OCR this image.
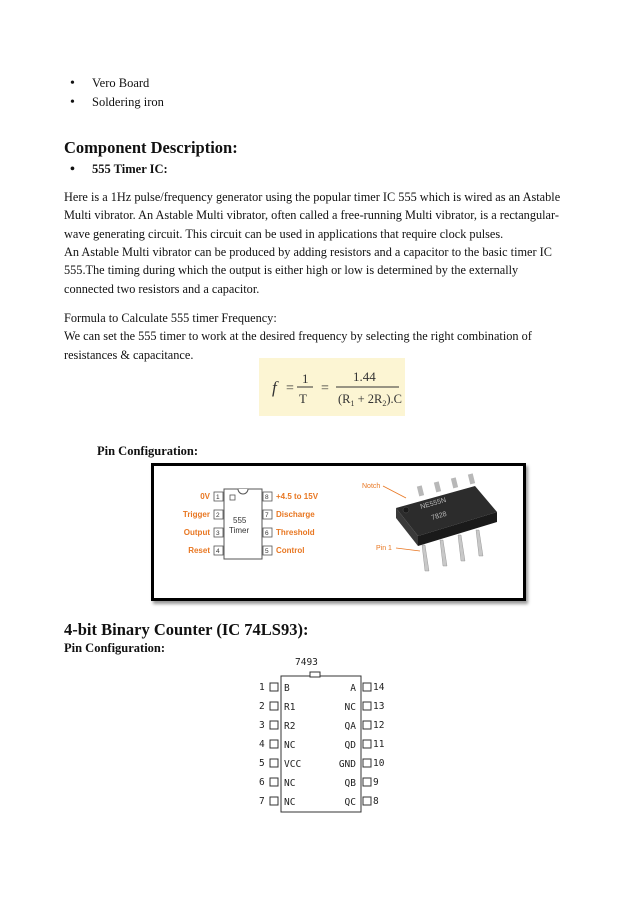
• Vero Board
• Soldering iron
Component Description:
• 555 Timer IC:

Here is a 1Hz pulse/frequency generator using the popular timer IC 555 which is wired as an Astable
Multi vibrator. An Astable Multi vibrator, often called a free-running Multi vibrator, is a rectangular-
wave generating circuit. This circuit can be used in applications that require clock pulses.

An Astable Multi vibrator can be produced by adding resistors and a capacitor to the basic timer IC
555.The timing during which the output is either high or low is determined by the externally
connected two resistors and a capacitor.

Formula to Calculate 555 timer Frequency:
We can set the 555 timer to work at the desired frequency by selecting the right combination of
resistances & capacitance.

f =
1
T
=
1.44
$(R_1 + 2R_2).C$
Pin Configuration:
555
Timer
1
0V
2
Trigger
3
Output
4
Reset
8 +4.5 to 15V
7 Discharge
6 Threshold
5 Control
Notch
NE555N
7828
Pin 1
4-bit Binary Counter (IC 74LS93):
Pin Configuration:
7493
1 B
2 R1
3 R2
4 NC
5 VCC
6 NC
7 NC
A 14
NC 13
QA 12
QD 11
GND 10
QB 9
QC 8
